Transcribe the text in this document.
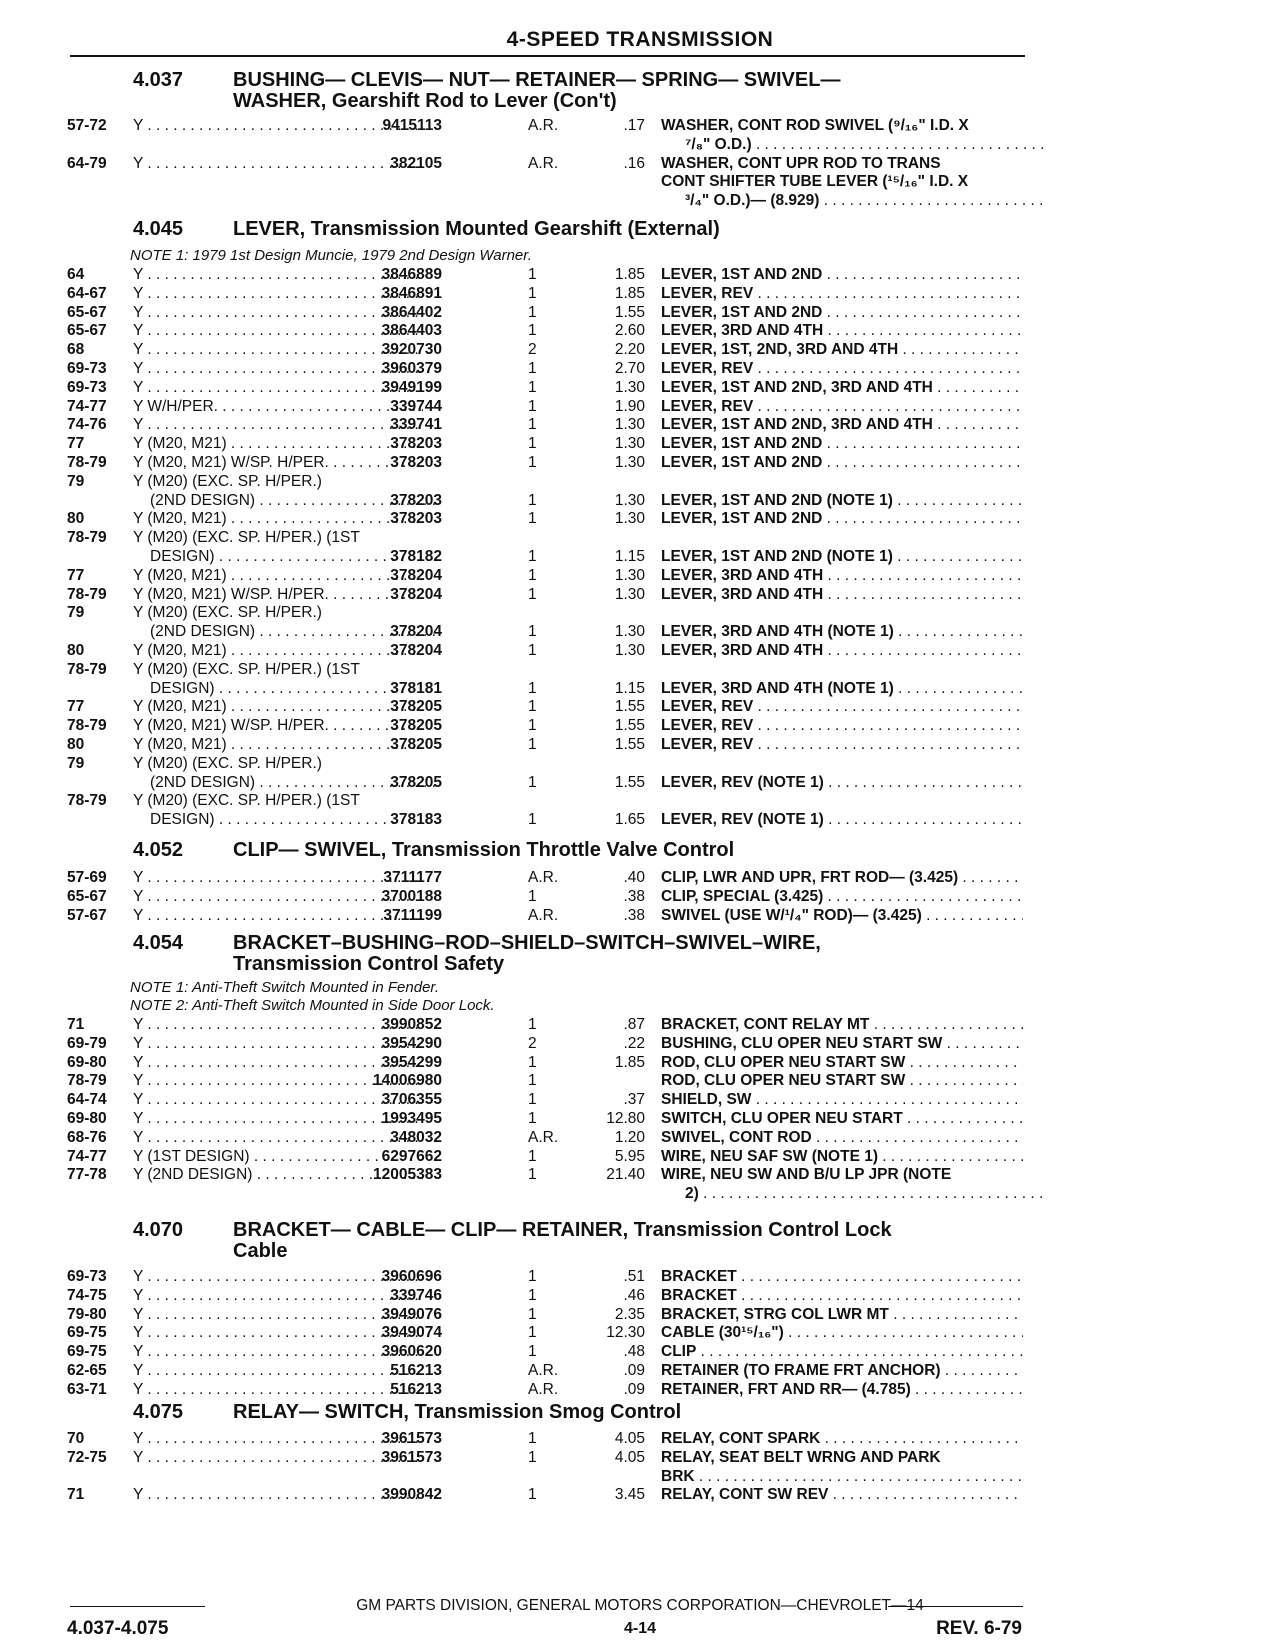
4-SPEED TRANSMISSION
4.037 BUSHING— CLEVIS— NUT— RETAINER— SPRING— SWIVEL—
WASHER, Gearshift Rod to Lever (Con't)
57-72 Y . . .	9415113	A.R.	.17 WASHER, CONT ROD SWIVEL (⁹/₁₆" I.D. X
⁷/₈" O.D.) . . .
64-79 Y . . .	382105	A.R.	.16 WASHER, CONT UPR ROD TO TRANS
CONT SHIFTER TUBE LEVER (¹⁵/₁₆" I.D. X
³/₄" O.D.)— (8.929) . . .
4.045 LEVER, Transmission Mounted Gearshift (External)
NOTE 1: 1979 1st Design Muncie, 1979 2nd Design Warner.
64	Y . . .	3846889	1	1.85 LEVER, 1ST AND 2ND . . .
64-67 Y . . .	3846891	1	1.85 LEVER, REV . . .
65-67 Y . . .	3864402	1	1.55 LEVER, 1ST AND 2ND . . .
65-67 Y . . .	3864403	1	2.60 LEVER, 3RD AND 4TH . . .
68	Y . . .	3920730	2	2.20 LEVER, 1ST, 2ND, 3RD AND 4TH . . .
69-73 Y . . .	3960379	1	2.70 LEVER, REV . . .
69-73 Y . . .	3949199	1	1.30 LEVER, 1ST AND 2ND, 3RD AND 4TH . . .
74-77 Y W/H/PER. . . .	339744	1	1.90 LEVER, REV . . .
74-76 Y . . .	339741	1	1.30 LEVER, 1ST AND 2ND, 3RD AND 4TH . . .
77	Y (M20, M21) . . .	378203	1	1.30 LEVER, 1ST AND 2ND . . .
78-79 Y (M20, M21) W/SP. H/PER. . . .	378203	1	1.30 LEVER, 1ST AND 2ND . . .
79	Y (M20) (EXC. SP. H/PER.)
(2ND DESIGN) . . .	378203	1	1.30 LEVER, 1ST AND 2ND (NOTE 1) . . .
80	Y (M20, M21) . . .	378203	1	1.30 LEVER, 1ST AND 2ND . . .
78-79 Y (M20) (EXC. SP. H/PER.) (1ST
DESIGN) . . .	378182	1	1.15 LEVER, 1ST AND 2ND (NOTE 1) . . .
77	Y (M20, M21) . . .	378204	1	1.30 LEVER, 3RD AND 4TH . . .
78-79 Y (M20, M21) W/SP. H/PER. . . .	378204	1	1.30 LEVER, 3RD AND 4TH . . .
79	Y (M20) (EXC. SP. H/PER.)
(2ND DESIGN) . . .	378204	1	1.30 LEVER, 3RD AND 4TH (NOTE 1) . . .
80	Y (M20, M21) . . .	378204	1	1.30 LEVER, 3RD AND 4TH . . .
78-79 Y (M20) (EXC. SP. H/PER.) (1ST
DESIGN) . . .	378181	1	1.15 LEVER, 3RD AND 4TH (NOTE 1) . . .
77	Y (M20, M21) . . .	378205	1	1.55 LEVER, REV . . .
78-79 Y (M20, M21) W/SP. H/PER. . . .	378205	1	1.55 LEVER, REV . . .
80	Y (M20, M21) . . .	378205	1	1.55 LEVER, REV . . .
79	Y (M20) (EXC. SP. H/PER.)
(2ND DESIGN) . . .	378205	1	1.55 LEVER, REV (NOTE 1) . . .
78-79 Y (M20) (EXC. SP. H/PER.) (1ST
DESIGN) . . .	378183	1	1.65 LEVER, REV (NOTE 1) . . .
4.052 CLIP— SWIVEL, Transmission Throttle Valve Control
57-69 Y . . .	3711177	A.R.	.40 CLIP, LWR AND UPR, FRT ROD— (3.425) . . .
65-67 Y . . .	3700188	1	.38 CLIP, SPECIAL (3.425) . . .
57-67 Y . . .	3711199	A.R.	.38 SWIVEL (USE W/¹/₄" ROD)— (3.425) . . .
4.054 BRACKET–BUSHING–ROD–SHIELD–SWITCH–SWIVEL–WIRE,
Transmission Control Safety
NOTE 1: Anti-Theft Switch Mounted in Fender.
NOTE 2: Anti-Theft Switch Mounted in Side Door Lock.
71	Y . . .	3990852	1	.87 BRACKET, CONT RELAY MT . . .
69-79 Y . . .	3954290	2	.22 BUSHING, CLU OPER NEU START SW . . .
69-80 Y . . .	3954299	1	1.85 ROD, CLU OPER NEU START SW . . .
78-79 Y . . .	14006980	1	ROD, CLU OPER NEU START SW . . .
64-74 Y . . .	3706355	1	.37 SHIELD, SW . . .
69-80 Y . . .	1993495	1	12.80 SWITCH, CLU OPER NEU START . . .
68-76 Y . . .	348032	A.R.	1.20 SWIVEL, CONT ROD . . .
74-77 Y (1ST DESIGN) . . .	6297662	1	5.95 WIRE, NEU SAF SW (NOTE 1) . . .
77-78 Y (2ND DESIGN) . . .	12005383	1	21.40 WIRE, NEU SW AND B/U LP JPR (NOTE
2) . . .
4.070 BRACKET— CABLE— CLIP— RETAINER, Transmission Control Lock
Cable
69-73 Y . . .	3960696	1	.51 BRACKET . . .
74-75 Y . . .	339746	1	.46 BRACKET . . .
79-80 Y . . .	3949076	1	2.35 BRACKET, STRG COL LWR MT . . .
69-75 Y . . .	3949074	1	12.30 CABLE (30¹⁵/₁₆") . . .
69-75 Y . . .	3960620	1	.48 CLIP . . .
62-65 Y . . .	516213	A.R.	.09 RETAINER (TO FRAME FRT ANCHOR) . . .
63-71 Y . . .	516213	A.R.	.09 RETAINER, FRT AND RR— (4.785) . . .
4.075 RELAY— SWITCH, Transmission Smog Control
70	Y . . .	3961573	1	4.05 RELAY, CONT SPARK . . .
72-75 Y . . .	3961573	1	4.05 RELAY, SEAT BELT WRNG AND PARK
BRK . . .
71	Y . . .	3990842	1	3.45 RELAY, CONT SW REV . . .
GM PARTS DIVISION, GENERAL MOTORS CORPORATION—CHEVROLET—14
4.037-4.075	4-14	REV. 6-79
